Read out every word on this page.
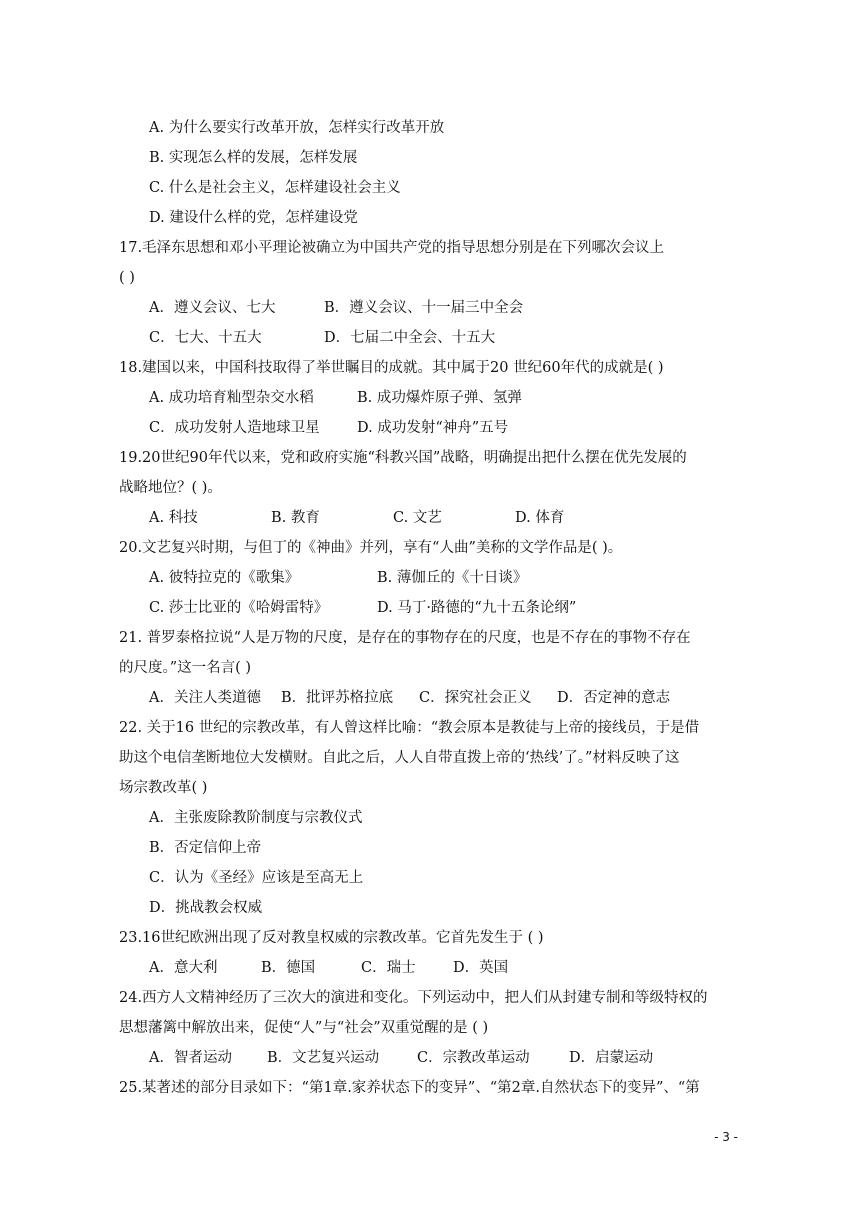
A. 为什么要实行改革开放，怎样实行改革开放
B. 实现怎么样的发展，怎样发展
C. 什么是社会主义，怎样建设社会主义
D. 建设什么样的党，怎样建设党
17.毛泽东思想和邓小平理论被确立为中国共产党的指导思想分别是在下列哪次会议上
( )
A．遵义会议、七大	B．遵义会议、十一届三中全会
C．七大、十五大	D．七届二中全会、十五大
18.建国以来，中国科技取得了举世瞩目的成就。其中属于20 世纪60年代的成就是( )
A. 成功培育籼型杂交水稻	B. 成功爆炸原子弹、氢弹
C．成功发射人造地球卫星	D. 成功发射“神舟”五号
19.20世纪90年代以来，党和政府实施“科教兴国”战略，明确提出把什么摆在优先发展的
战略地位？( )。
A. 科技	B. 教育	C. 文艺	D. 体育
20.文艺复兴时期，与但丁的《神曲》并列，享有“人曲”美称的文学作品是( )。
A. 彼特拉克的《歌集》	B. 薄伽丘的《十日谈》
C. 莎士比亚的《哈姆雷特》	D. 马丁·路德的“九十五条论纲”
21. 普罗泰格拉说“人是万物的尺度，是存在的事物存在的尺度，也是不存在的事物不存在
的尺度。”这一名言( )
A．关注人类道德	B．批评苏格拉底	C．探究社会正义	D．否定神的意志
22. 关于16 世纪的宗教改革，有人曾这样比喻：“教会原本是教徒与上帝的接线员，于是借
助这个电信垄断地位大发横财。自此之后，人人自带直拨上帝的‘热线’了。”材料反映了这
场宗教改革( )
A．主张废除教阶制度与宗教仪式
B．否定信仰上帝
C．认为《圣经》应该是至高无上
D．挑战教会权威
23.16世纪欧洲出现了反对教皇权威的宗教改革。它首先发生于 ( )
A．意大利	B．德国	C．瑞士	D．英国
24.西方人文精神经历了三次大的演进和变化。下列运动中，把人们从封建专制和等级特权的
思想藩篱中解放出来，促使“人”与“社会”双重觉醒的是 ( )
A．智者运动	B．文艺复兴运动	C．宗教改革运动	D．启蒙运动
25.某著述的部分目录如下：“第1章.家养状态下的变异”、“第2章.自然状态下的变异”、“第
- 3 -
